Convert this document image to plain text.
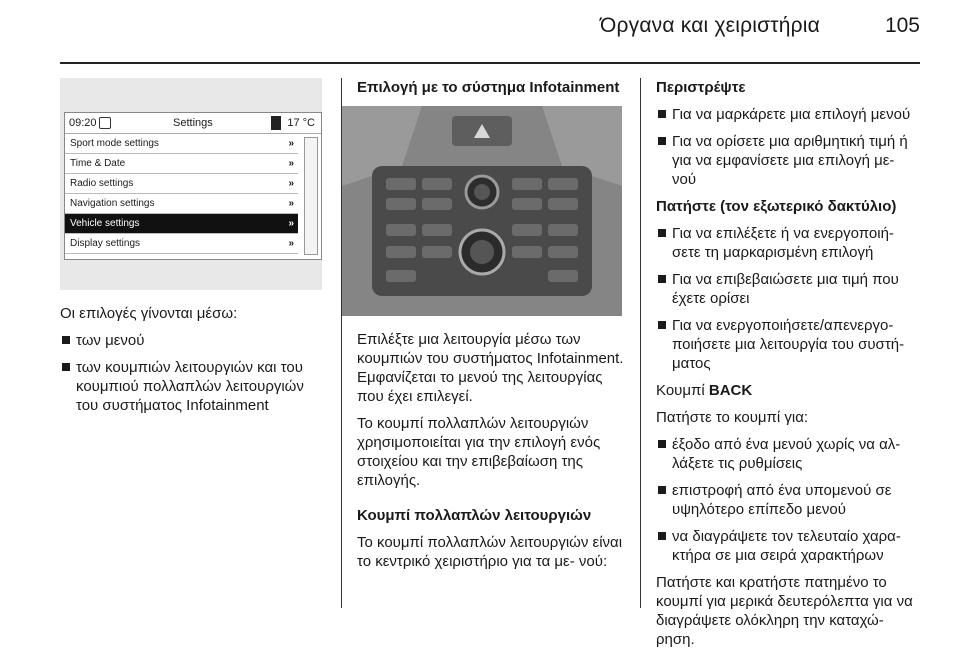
Όργανα και χειριστήρια	105
09:20	Settings	17 °C
Sport mode settings	»
Time & Date	»
Radio settings	»
Navigation settings	»
Vehicle settings	»
Display settings	»

Οι επιλογές γίνονται μέσω:

των μενού
των κουμπιών λειτουργιών και του κουμπιού πολλαπλών λειτουργιών του συστήματος Infotainment

Επιλογή με το σύστημα Infotainment

Επιλέξτε μια λειτουργία μέσω των κουμπιών του συστήματος Infotainment. Εμφανίζεται το μενού της λειτουργίας που έχει επιλεγεί.

Το κουμπί πολλαπλών λειτουργιών χρησιμοποιείται για την επιλογή ενός στοιχείου και την επιβεβαίωση της επιλογής.

Κουμπί πολλαπλών λειτουργιών

Το κουμπί πολλαπλών λειτουργιών είναι το κεντρικό χειριστήριο για τα με- νού:

Περιστρέψτε

Για να μαρκάρετε μια επιλογή μενού
Για να ορίσετε μια αριθμητική τιμή ή για να εμφανίσετε μια επιλογή με- νού

Πατήστε (τον εξωτερικό δακτύλιο)

Για να επιλέξετε ή να ενεργοποιή- σετε τη μαρκαρισμένη επιλογή
Για να επιβεβαιώσετε μια τιμή που έχετε ορίσει
Για να ενεργοποιήσετε/απενεργο- ποιήσετε μια λειτουργία του συστή- ματος

Κουμπί BACK

Πατήστε το κουμπί για:

έξοδο από ένα μενού χωρίς να αλ- λάξετε τις ρυθμίσεις
επιστροφή από ένα υπομενού σε υψηλότερο επίπεδο μενού
να διαγράψετε τον τελευταίο χαρα- κτήρα σε μια σειρά χαρακτήρων

Πατήστε και κρατήστε πατημένο το κουμπί για μερικά δευτερόλεπτα για να διαγράψετε ολόκληρη την καταχώ- ρηση.
